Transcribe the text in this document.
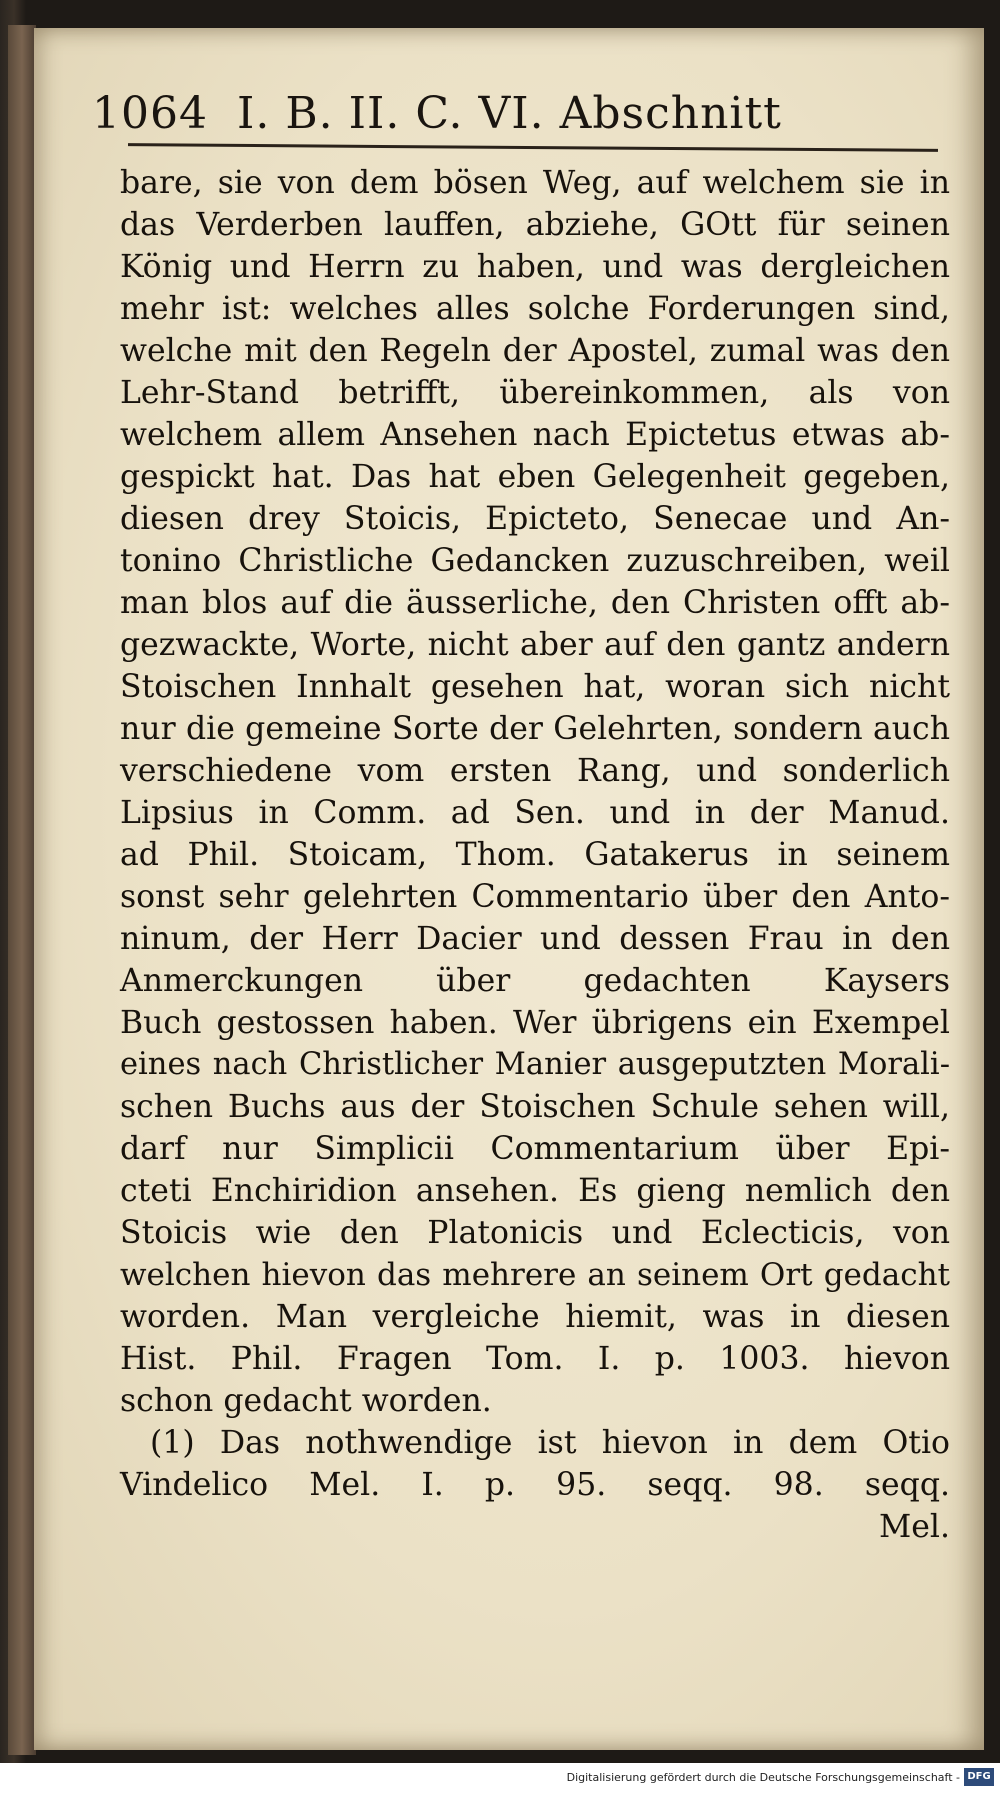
1064 I. B. II. C. VI. Abschnitt
bare, sie von dem bösen Weg, auf welchem sie in
das Verderben lauffen, abziehe, GOtt für seinen
König und Herrn zu haben, und was dergleichen
mehr ist: welches alles solche Forderungen sind,
welche mit den Regeln der Apostel, zumal was den
Lehr-Stand betrifft, übereinkommen, als von
welchem allem Ansehen nach Epictetus etwas ab-
gespickt hat. Das hat eben Gelegenheit gegeben,
diesen drey Stoicis, Epicteto, Senecae und An-
tonino Christliche Gedancken zuzuschreiben, weil
man blos auf die äusserliche, den Christen offt ab-
gezwackte, Worte, nicht aber auf den gantz andern
Stoischen Innhalt gesehen hat, woran sich nicht
nur die gemeine Sorte der Gelehrten, sondern auch
verschiedene vom ersten Rang, und sonderlich
Lipsius in Comm. ad Sen. und in der Manud.
ad Phil. Stoicam, Thom. Gatakerus in seinem
sonst sehr gelehrten Commentario über den Anto-
ninum, der Herr Dacier und dessen Frau in den
Anmerckungen über gedachten Kaysers
Buch gestossen haben. Wer übrigens ein Exempel
eines nach Christlicher Manier ausgeputzten Morali-
schen Buchs aus der Stoischen Schule sehen will,
darf nur Simplicii Commentarium über Epi-
cteti Enchiridion ansehen. Es gieng nemlich den
Stoicis wie den Platonicis und Eclecticis, von
welchen hievon das mehrere an seinem Ort gedacht
worden. Man vergleiche hiemit, was in diesen
Hist. Phil. Fragen Tom. I. p. 1003. hievon
schon gedacht worden.
(1) Das nothwendige ist hievon in dem Otio
Vindelico Mel. I. p. 95. seqq. 98. seqq.
Mel.
Digitalisierung gefördert durch die Deutsche Forschungsgemeinschaft - DFG
